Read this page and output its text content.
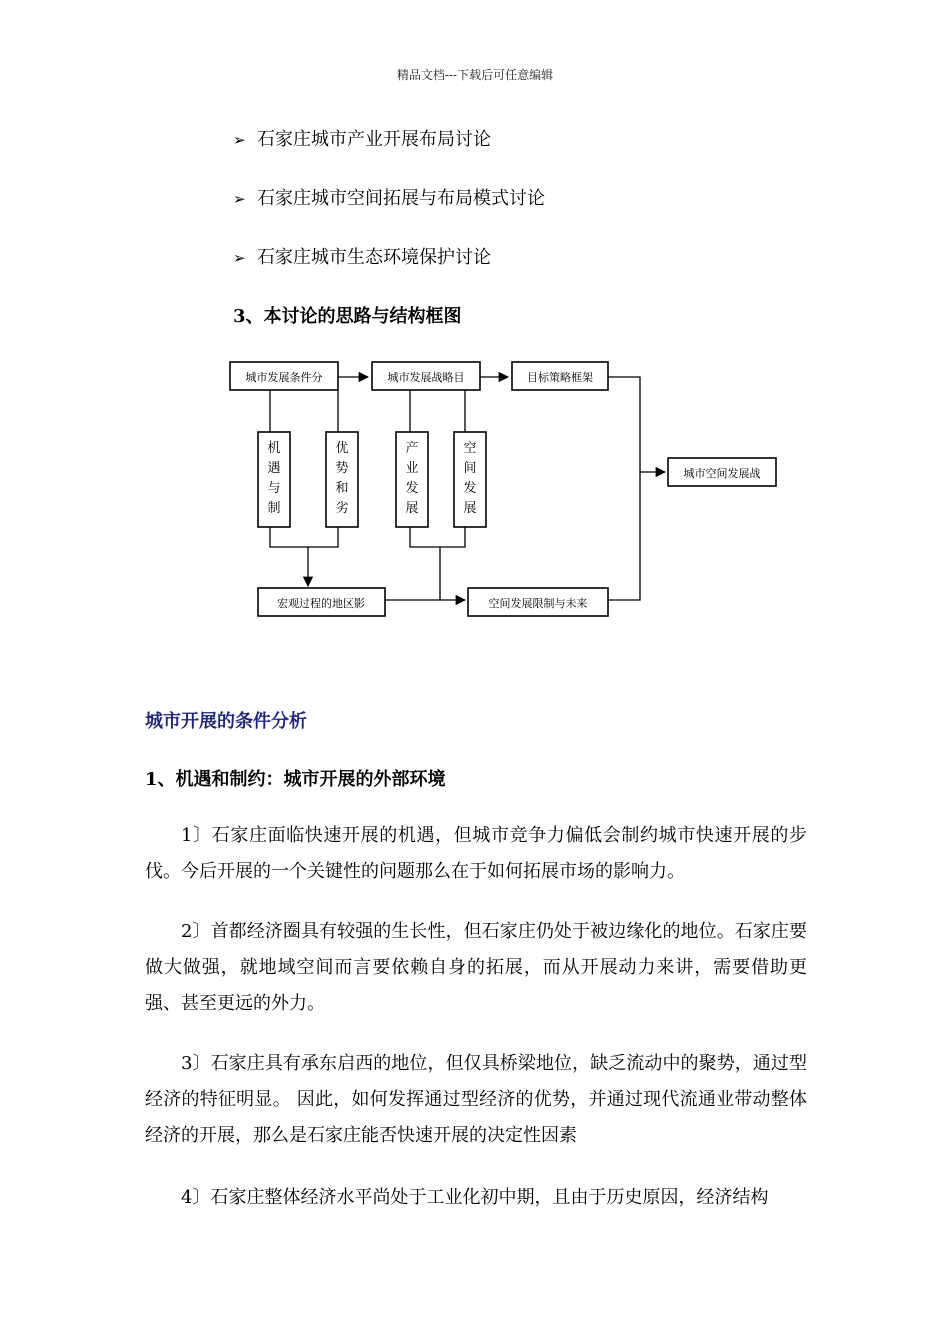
精品文档---下载后可任意编辑
➢ 石家庄城市产业开展布局讨论
➢ 石家庄城市空间拓展与布局模式讨论
➢ 石家庄城市生态环境保护讨论
3、本讨论的思路与结构框图
城市发展条件分	城市发展战略目	目标策略框架
城市空间发展战
机
遇
与
制
优
势
和
劣
产
业
发
展
空
间
发
展
宏观过程的地区影	空间发展限制与未来
城市开展的条件分析
1、机遇和制约：城市开展的外部环境
1〕石家庄面临快速开展的机遇，但城市竞争力偏低会制约城市快速开展的步伐。今后开展的一个关键性的问题那么在于如何拓展市场的影响力。
2〕首都经济圈具有较强的生长性，但石家庄仍处于被边缘化的地位。石家庄要做大做强，就地域空间而言要依赖自身的拓展，而从开展动力来讲，需要借助更强、甚至更远的外力。
3〕石家庄具有承东启西的地位，但仅具桥梁地位，缺乏流动中的聚势，通过型经济的特征明显。 因此，如何发挥通过型经济的优势，并通过现代流通业带动整体经济的开展，那么是石家庄能否快速开展的决定性因素
4〕石家庄整体经济水平尚处于工业化初中期，且由于历史原因，经济结构
